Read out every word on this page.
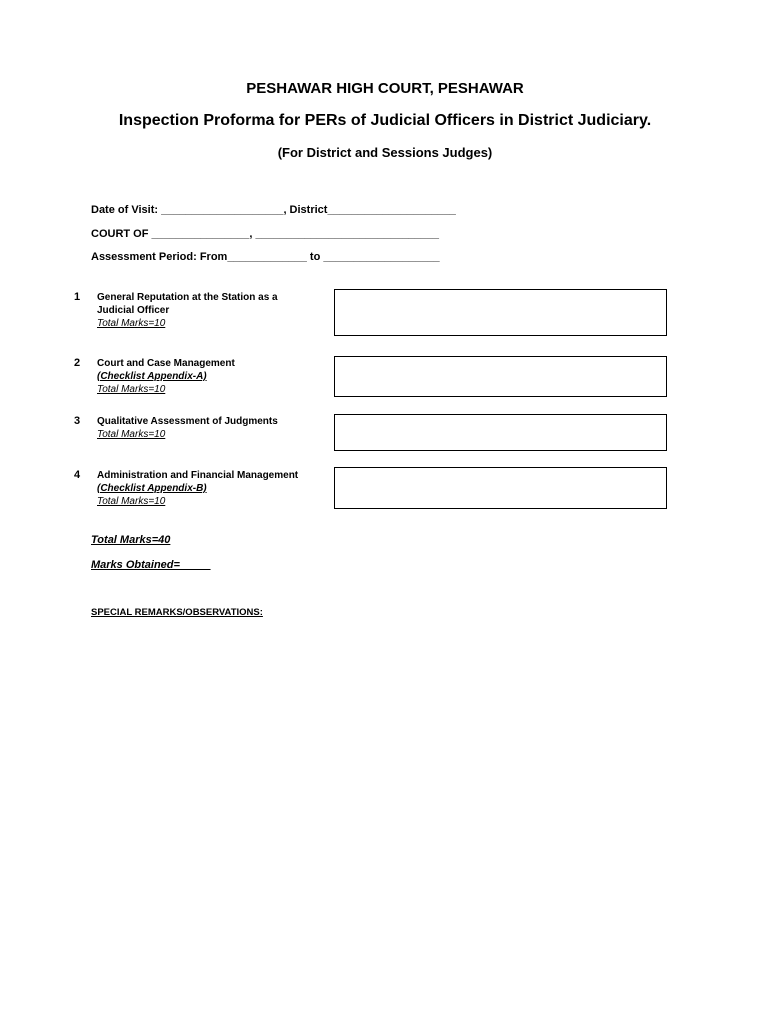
PESHAWAR HIGH COURT, PESHAWAR
Inspection Proforma for PERs of Judicial Officers in District Judiciary.
(For District and Sessions Judges)
Date of Visit: ____________________, District_____________________
COURT OF ________________, ______________________________
Assessment Period: From_____________ to ___________________
1 General Reputation at the Station as a Judicial Officer
Total Marks=10
2 Court and Case Management
(Checklist Appendix-A)
Total Marks=10
3 Qualitative Assessment of Judgments
Total Marks=10
4 Administration and Financial Management
(Checklist Appendix-B)
Total Marks=10
Total Marks=40
Marks Obtained=_____
SPECIAL REMARKS/OBSERVATIONS:
